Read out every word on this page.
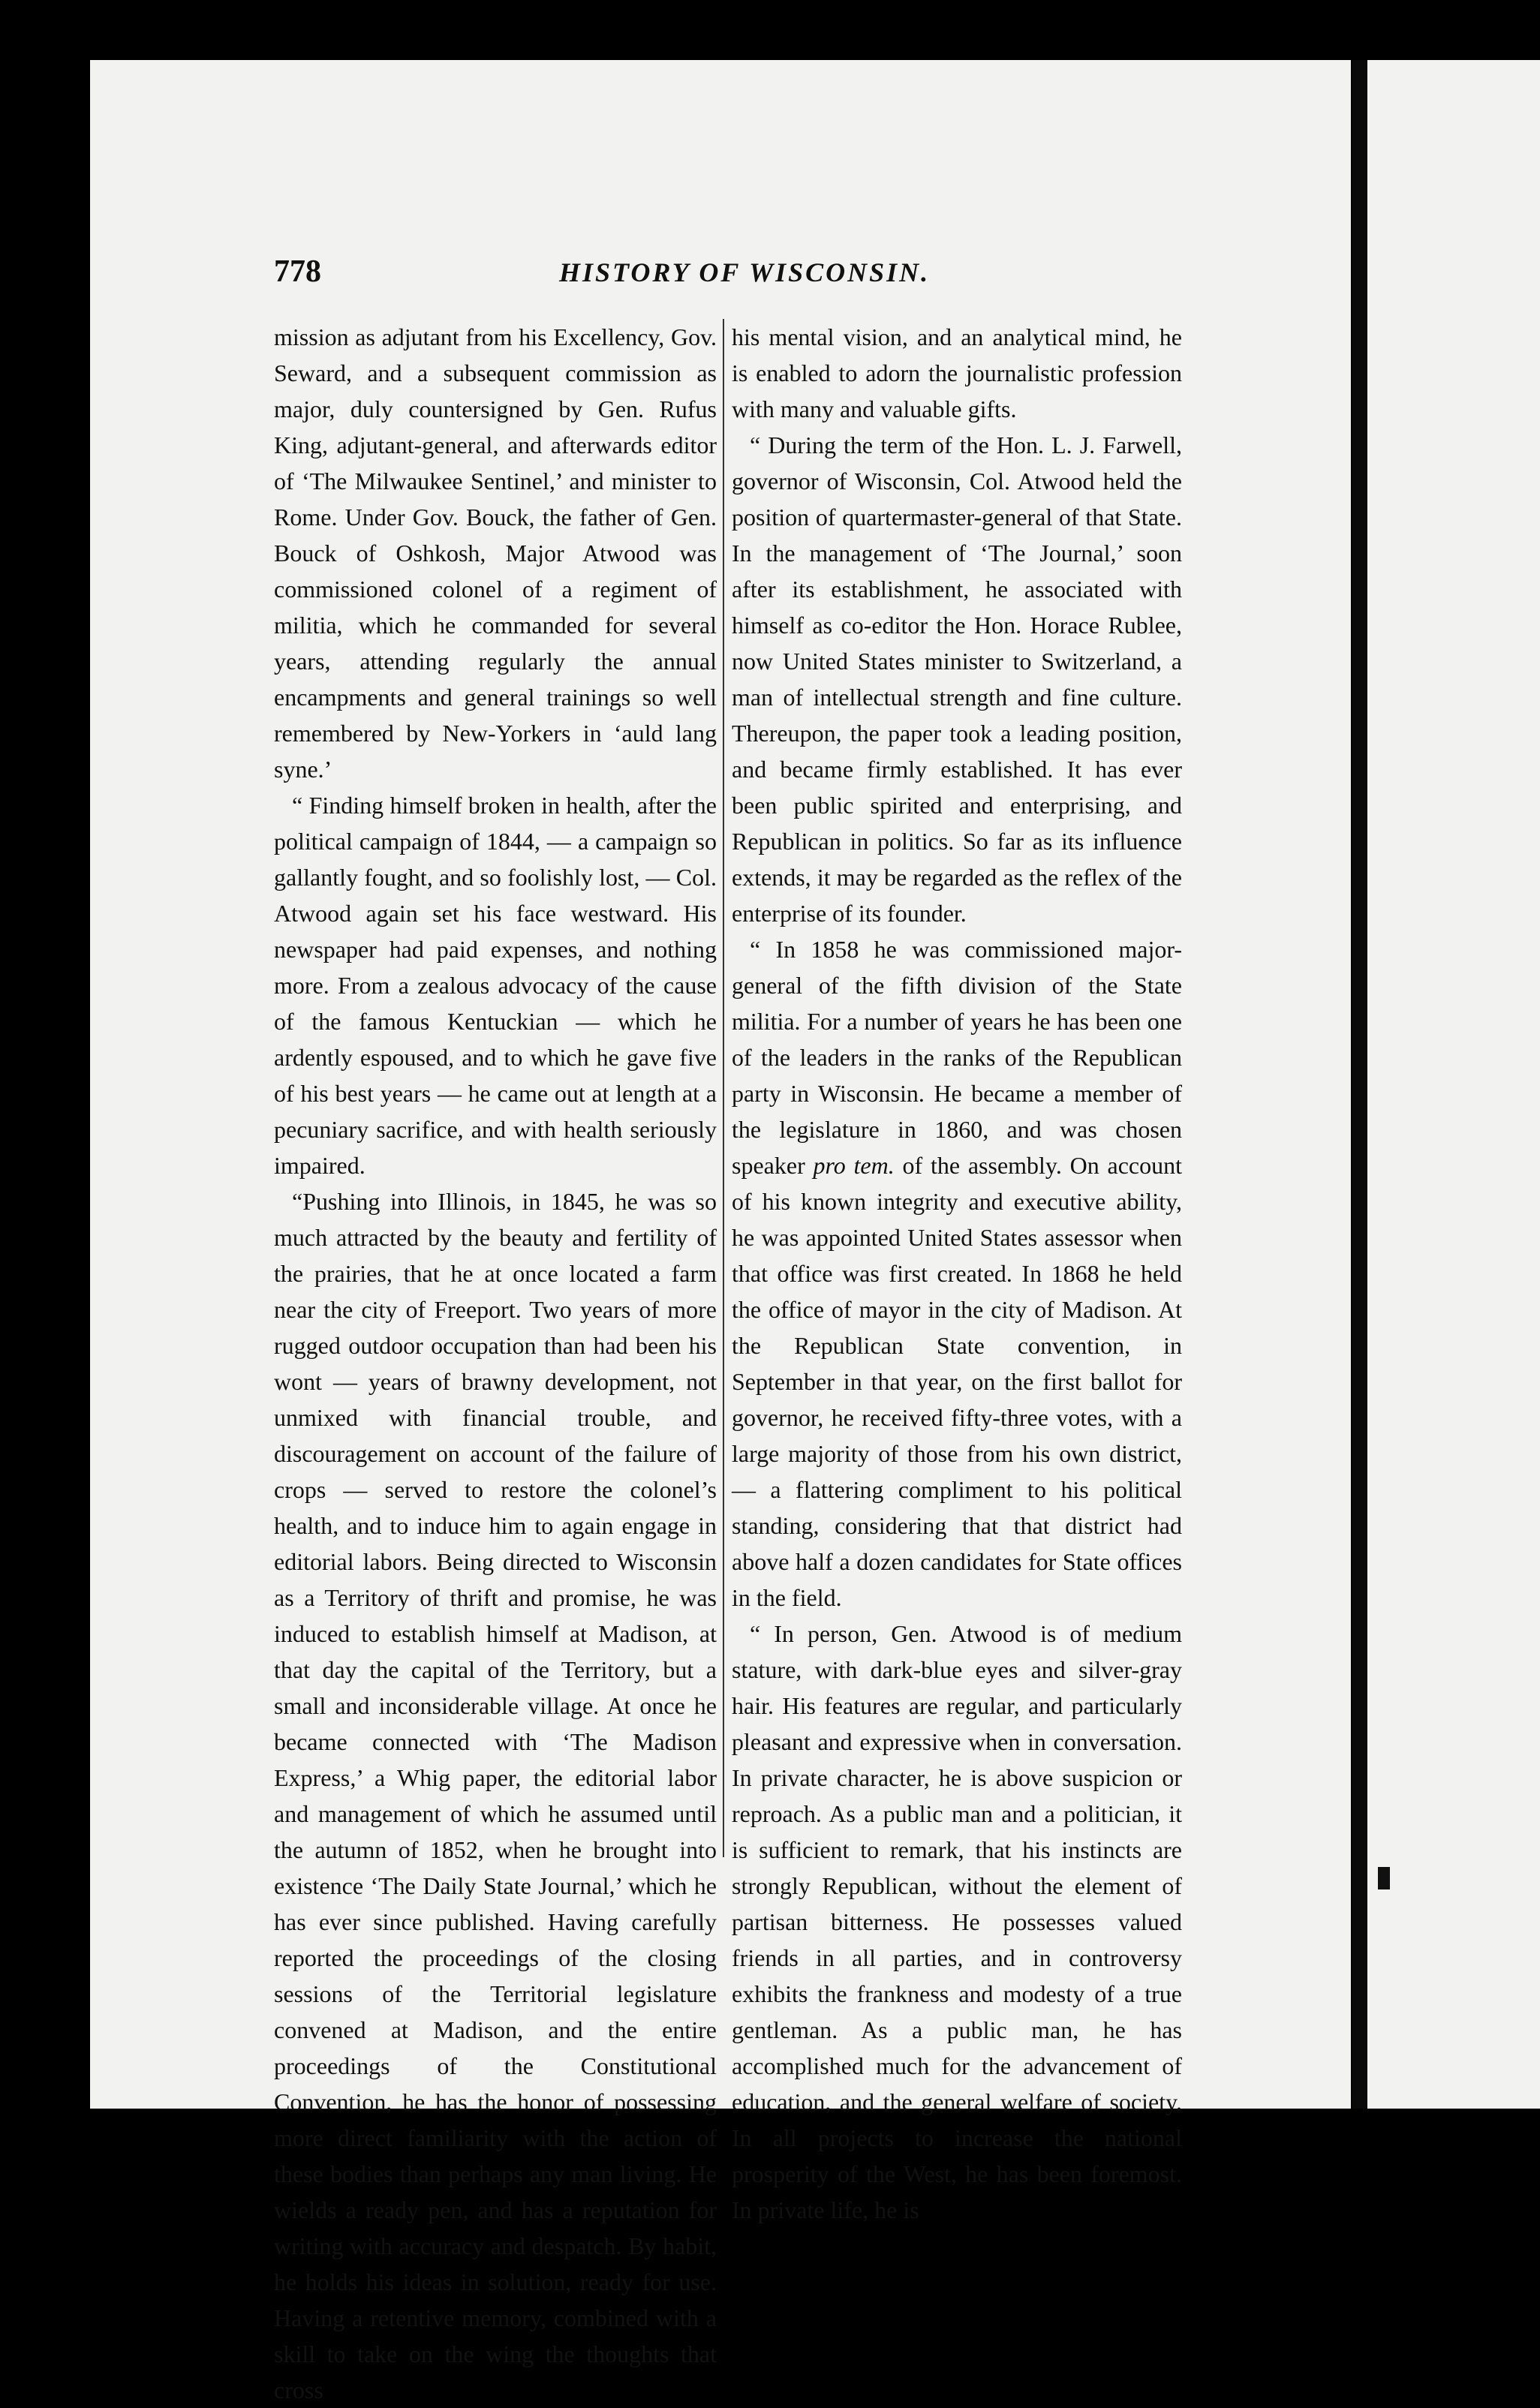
778	HISTORY OF WISCONSIN.

mission as adjutant from his Excellency, Gov. Seward, and a subsequent commission as major, duly countersigned by Gen. Rufus King, adjutant-general, and afterwards editor of ‘The Milwaukee Sentinel,’ and minister to Rome. Under Gov. Bouck, the father of Gen. Bouck of Oshkosh, Major Atwood was commissioned colonel of a regiment of militia, which he commanded for several years, attending regularly the annual encampments and general trainings so well remembered by New-Yorkers in ‘auld lang syne.’

“ Finding himself broken in health, after the political campaign of 1844, — a campaign so gallantly fought, and so foolishly lost, — Col. Atwood again set his face westward. His newspaper had paid expenses, and nothing more. From a zealous advocacy of the cause of the famous Kentuckian — which he ardently espoused, and to which he gave five of his best years — he came out at length at a pecuniary sacrifice, and with health seriously impaired.

“Pushing into Illinois, in 1845, he was so much attracted by the beauty and fertility of the prairies, that he at once located a farm near the city of Freeport. Two years of more rugged outdoor occupation than had been his wont — years of brawny development, not unmixed with financial trouble, and discouragement on account of the failure of crops — served to restore the colonel’s health, and to induce him to again engage in editorial labors. Being directed to Wisconsin as a Territory of thrift and promise, he was induced to establish himself at Madison, at that day the capital of the Territory, but a small and inconsiderable village. At once he became connected with ‘The Madison Express,’ a Whig paper, the editorial labor and management of which he assumed until the autumn of 1852, when he brought into existence ‘The Daily State Journal,’ which he has ever since published. Having carefully reported the proceedings of the closing sessions of the Territorial legislature convened at Madison, and the entire proceedings of the Constitutional Convention, he has the honor of possessing more direct familiarity with the action of these bodies than perhaps any man living. He wields a ready pen, and has a reputation for writing with accuracy and despatch. By habit, he holds his ideas in solution, ready for use. Having a retentive memory, combined with a skill to take on the wing the thoughts that cross

his mental vision, and an analytical mind, he is enabled to adorn the journalistic profession with many and valuable gifts.

“ During the term of the Hon. L. J. Farwell, governor of Wisconsin, Col. Atwood held the position of quartermaster-general of that State. In the management of ‘The Journal,’ soon after its establishment, he associated with himself as co-editor the Hon. Horace Rublee, now United States minister to Switzerland, a man of intellectual strength and fine culture. Thereupon, the paper took a leading position, and became firmly established. It has ever been public spirited and enterprising, and Republican in politics. So far as its influence extends, it may be regarded as the reflex of the enterprise of its founder.

“ In 1858 he was commissioned major-general of the fifth division of the State militia. For a number of years he has been one of the leaders in the ranks of the Republican party in Wisconsin. He became a member of the legislature in 1860, and was chosen speaker pro tem. of the assembly. On account of his known integrity and executive ability, he was appointed United States assessor when that office was first created. In 1868 he held the office of mayor in the city of Madison. At the Republican State convention, in September in that year, on the first ballot for governor, he received fifty-three votes, with a large majority of those from his own district, — a flattering compliment to his political standing, considering that that district had above half a dozen candidates for State offices in the field.

“ In person, Gen. Atwood is of medium stature, with dark-blue eyes and silver-gray hair. His features are regular, and particularly pleasant and expressive when in conversation. In private character, he is above suspicion or reproach. As a public man and a politician, it is sufficient to remark, that his instincts are strongly Republican, without the element of partisan bitterness. He possesses valued friends in all parties, and in controversy exhibits the frankness and modesty of a true gentleman. As a public man, he has accomplished much for the advancement of education, and the general welfare of society. In all projects to increase the national prosperity of the West, he has been foremost. In private life, he is
